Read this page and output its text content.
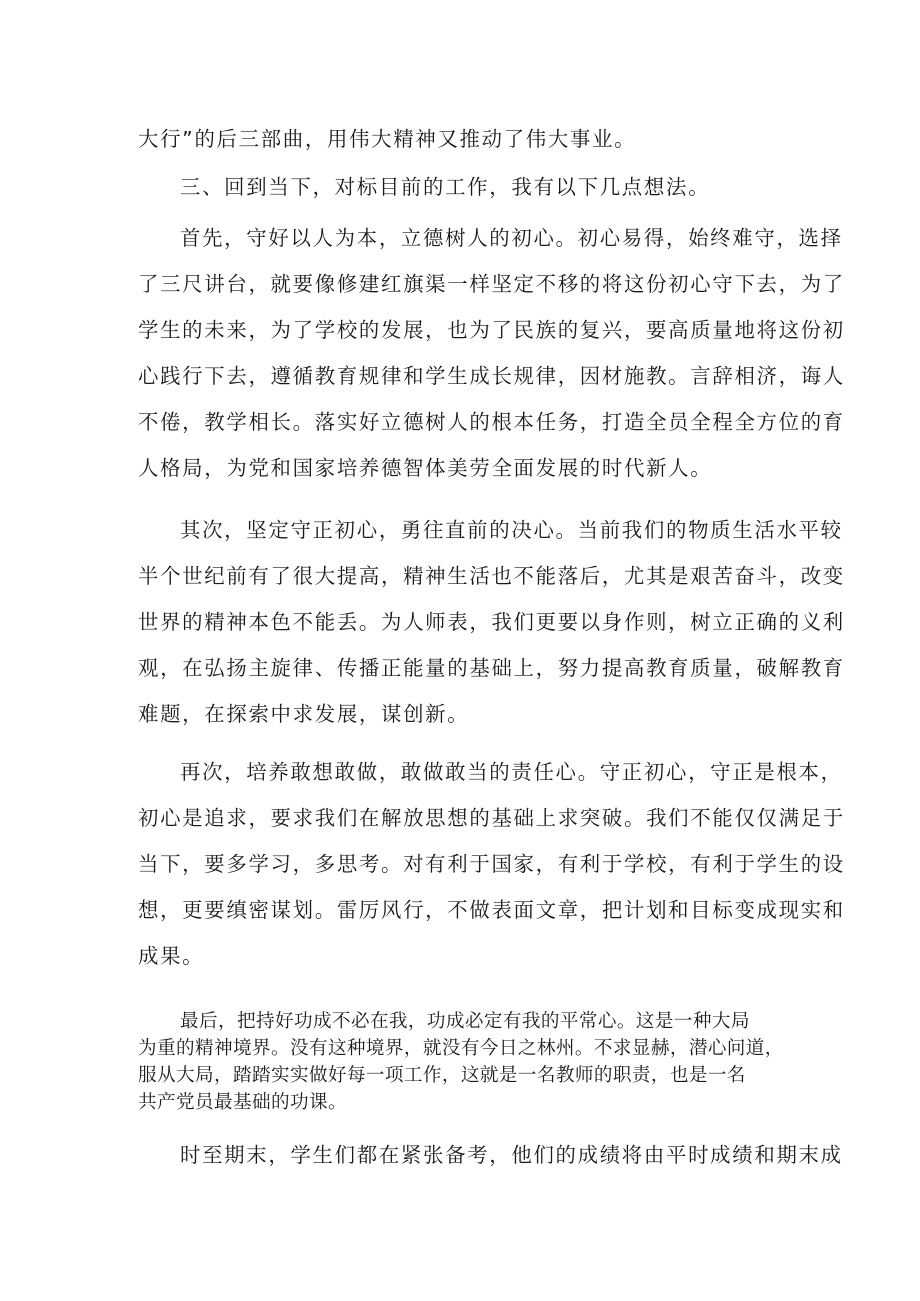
大行”的后三部曲，用伟大精神又推动了伟大事业。
三、回到当下，对标目前的工作，我有以下几点想法。
首先，守好以人为本，立德树人的初心。初心易得，始终难守，选择
了三尺讲台，就要像修建红旗渠一样坚定不移的将这份初心守下去，为了
学生的未来，为了学校的发展，也为了民族的复兴，要高质量地将这份初
心践行下去，遵循教育规律和学生成长规律，因材施教。言辞相济，诲人
不倦，教学相长。落实好立德树人的根本任务，打造全员全程全方位的育
人格局，为党和国家培养德智体美劳全面发展的时代新人。
其次，坚定守正初心，勇往直前的决心。当前我们的物质生活水平较
半个世纪前有了很大提高，精神生活也不能落后，尤其是艰苦奋斗，改变
世界的精神本色不能丢。为人师表，我们更要以身作则，树立正确的义利
观，在弘扬主旋律、传播正能量的基础上，努力提高教育质量，破解教育
难题，在探索中求发展，谋创新。
再次，培养敢想敢做，敢做敢当的责任心。守正初心，守正是根本，
初心是追求，要求我们在解放思想的基础上求突破。我们不能仅仅满足于
当下，要多学习，多思考。对有利于国家，有利于学校，有利于学生的设
想，更要缜密谋划。雷厉风行，不做表面文章，把计划和目标变成现实和
成果。
最后，把持好功成不必在我，功成必定有我的平常心。这是一种大局
为重的精神境界。没有这种境界，就没有今日之林州。不求显赫，潜心问道，
服从大局，踏踏实实做好每一项工作，这就是一名教师的职责，也是一名
共产党员最基础的功课。
时至期末，学生们都在紧张备考，他们的成绩将由平时成绩和期末成
